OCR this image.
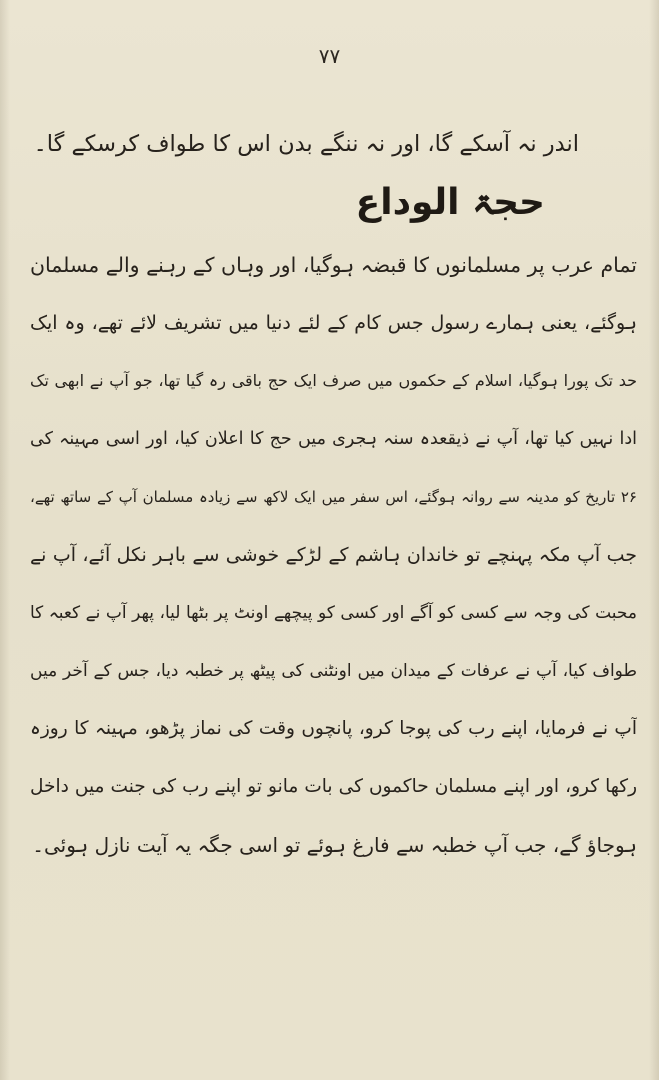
۷۷
اندر نہ آسکے گا، اور نہ ننگے بدن اس کا طواف کرسکے گا۔
حجۃ الوداع
تمام عرب پر مسلمانوں کا قبضہ ہوگیا، اور وہاں کے رہنے والے مسلمان
ہوگئے، یعنی ہمارے رسول جس کام کے لئے دنیا میں تشریف لائے تھے، وہ ایک
حد تک پورا ہوگیا، اسلام کے حکموں میں صرف ایک حج باقی رہ گیا تھا، جو آپ نے ابھی تک
ادا نہیں کیا تھا، آپ نے ذیقعدہ سنہ ہجری میں حج کا اعلان کیا، اور اسی مہینہ کی
۲۶ تاریخ کو مدینہ سے روانہ ہوگئے، اس سفر میں ایک لاکھ سے زیادہ مسلمان آپ کے ساتھ تھے،
جب آپ مکہ پہنچے تو خاندان ہاشم کے لڑکے خوشی سے باہر نکل آئے، آپ نے
محبت کی وجہ سے کسی کو آگے اور کسی کو پیچھے اونٹ پر بٹھا لیا، پھر آپ نے کعبہ کا
طواف کیا، آپ نے عرفات کے میدان میں اونٹنی کی پیٹھ پر خطبہ دیا، جس کے آخر میں
آپ نے فرمایا، اپنے رب کی پوجا کرو، پانچوں وقت کی نماز پڑھو، مہینہ کا روزہ
رکھا کرو، اور اپنے مسلمان حاکموں کی بات مانو تو اپنے رب کی جنت میں داخل
ہوجاؤ گے، جب آپ خطبہ سے فارغ ہوئے تو اسی جگہ یہ آیت نازل ہوئی۔
